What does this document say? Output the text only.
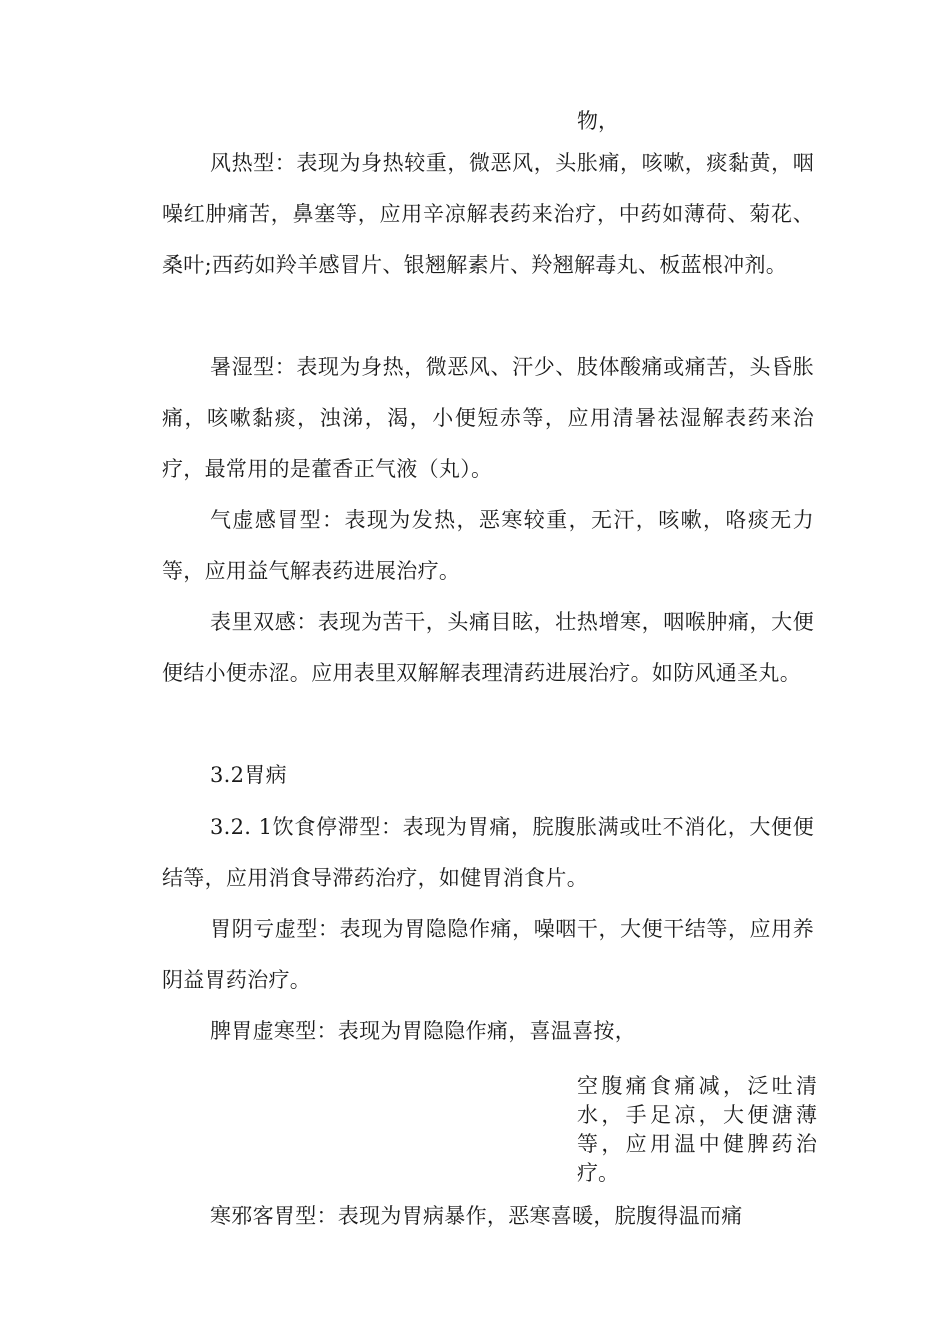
物，

风热型：表现为身热较重，微恶风，头胀痛，咳嗽，痰黏黄，咽噪红肿痛苦，鼻塞等，应用辛凉解表药来治疗，中药如薄荷、菊花、桑叶;西药如羚羊感冒片、银翘解素片、羚翘解毒丸、板蓝根冲剂。

暑湿型：表现为身热，微恶风、汗少、肢体酸痛或痛苦，头昏胀痛，咳嗽黏痰，浊涕，渴，小便短赤等，应用清暑祛湿解表药来治疗，最常用的是藿香正气液（丸）。

气虚感冒型：表现为发热，恶寒较重，无汗，咳嗽，咯痰无力等，应用益气解表药进展治疗。

表里双感：表现为苦干，头痛目眩，壮热增寒，咽喉肿痛，大便便结小便赤涩。应用表里双解解表理清药进展治疗。如防风通圣丸。

3.2胃病

3.2. 1饮食停滞型：表现为胃痛，脘腹胀满或吐不消化，大便便结等，应用消食导滞药治疗，如健胃消食片。

胃阴亏虚型：表现为胃隐隐作痛，噪咽干，大便干结等，应用养阴益胃药治疗。

脾胃虚寒型：表现为胃隐隐作痛，喜温喜按，

空腹痛食痛减，泛吐清水，手足凉，大便溏薄等，应用温中健脾药治疗。

寒邪客胃型：表现为胃病暴作，恶寒喜暖，脘腹得温而痛
